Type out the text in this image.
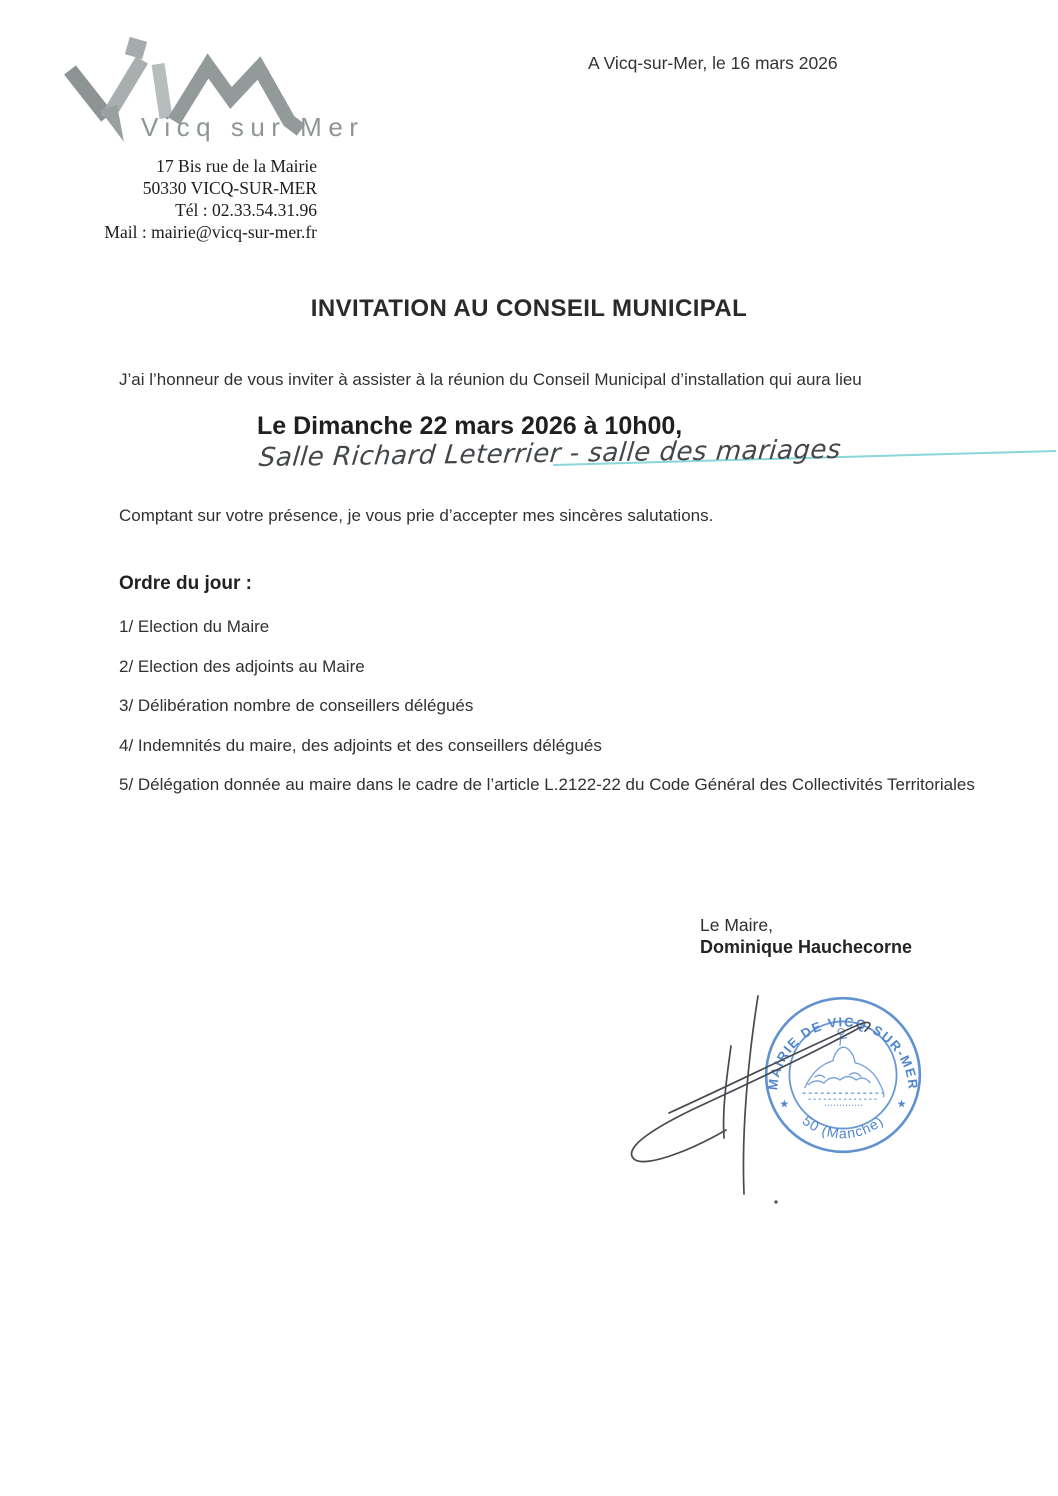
Vicq sur Mer
17 Bis rue de la Mairie
50330 VICQ-SUR-MER
Tél : 02.33.54.31.96
Mail : mairie@vicq-sur-mer.fr
A Vicq-sur-Mer, le 16 mars 2026
INVITATION AU CONSEIL MUNICIPAL
J’ai l’honneur de vous inviter à assister à la réunion du Conseil Municipal d’installation qui aura lieu
Le Dimanche 22 mars 2026 à 10h00,
Salle Richard Leterrier - salle des mariages
Comptant sur votre présence, je vous prie d’accepter mes sincères salutations.
Ordre du jour :
1/ Election du Maire
2/ Election des adjoints au Maire
3/ Délibération nombre de conseillers délégués
4/ Indemnités du maire, des adjoints et des conseillers délégués
5/ Délégation donnée au maire dans le cadre de l’article L.2122-22 du Code Général des Collectivités Territoriales
Le Maire,
Dominique Hauchecorne
MAIRIE DE VICQ-SUR-MER
50 (Manche)
★	★
